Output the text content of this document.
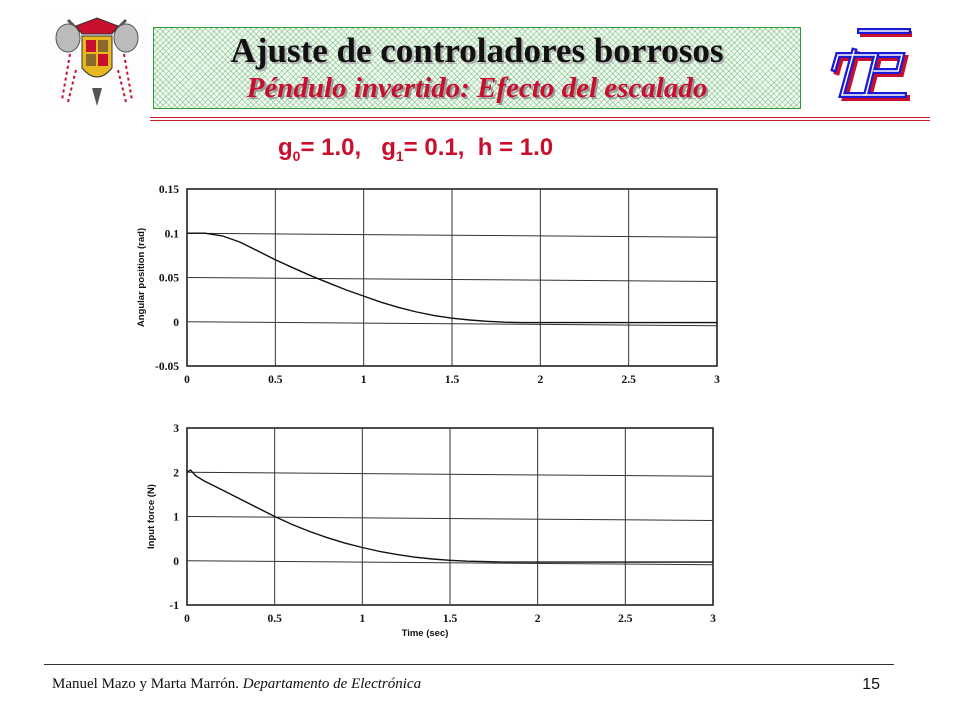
Ajuste de controladores borrosos
Péndulo invertido: Efecto del escalado
$g_0= 1.0$, $g_1= 0.1$, h = 1.0
0	0.5	1	1.5	2	2.5	3
0.15
0.1
0.05
0
-0.05
Angular position (rad)
0	0.5	1	1.5	2	2.5	3
3
2
1
0
-1
Input force (N)
Time (sec)
Manuel Mazo y Marta Marrón. Departamento de Electrónica	15
